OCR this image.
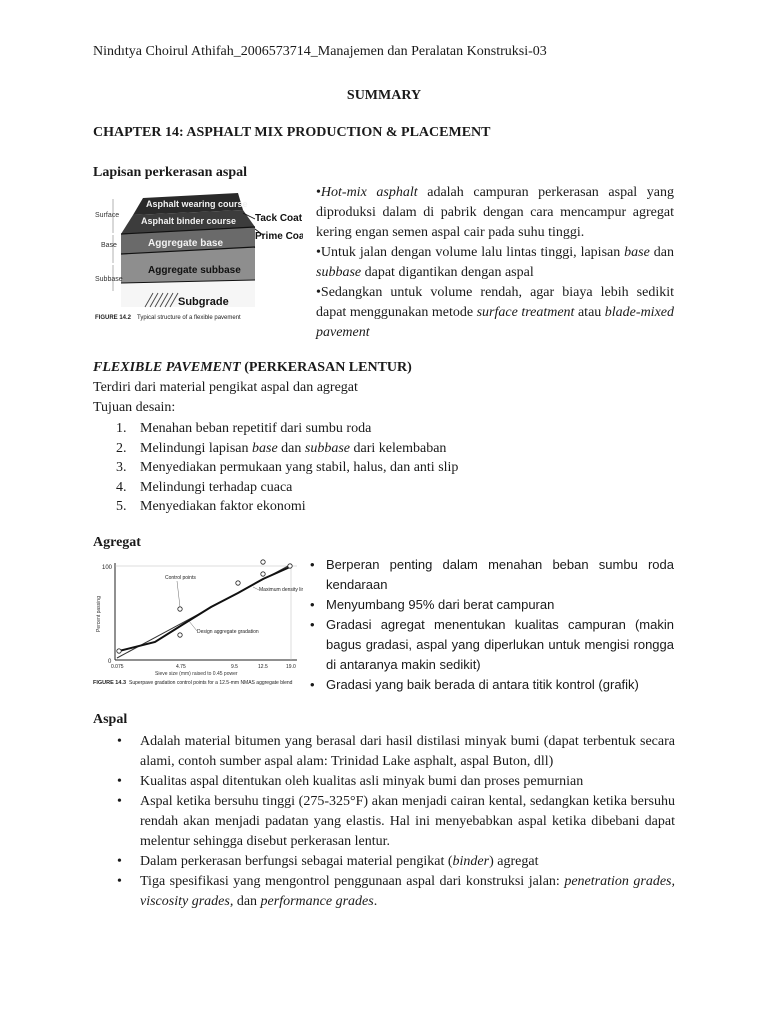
Nindıtya Choirul Athifah_2006573714_Manajemen dan Peralatan Konstruksi-03
SUMMARY
CHAPTER 14: ASPHALT MIX PRODUCTION & PLACEMENT
Lapisan perkerasan aspal
Asphalt wearing course
Asphalt binder course
Aggregate base
Aggregate subbase
Subgrade
Surface
Base
Subbase
Tack Coat
Prime Coat
FIGURE 14.2 Typical structure of a flexible pavement

•Hot-mix asphalt adalah campuran perkerasan aspal yang diproduksi dalam di pabrik dengan cara mencampur agregat kering engan semen aspal cair pada suhu tinggi.

•Untuk jalan dengan volume lalu lintas tinggi, lapisan base dan subbase dapat digantikan dengan aspal

•Sedangkan untuk volume rendah, agar biaya lebih sedikit dapat menggunakan metode surface treatment atau blade-mixed pavement

FLEXIBLE PAVEMENT (PERKERASAN LENTUR)
Terdiri dari material pengikat aspal dan agregat
Tujuan desain:
1. Menahan beban repetitif dari sumbu roda
2. Melindungi lapisan base dan subbase dari kelembaban
3. Menyediakan permukaan yang stabil, halus, dan anti slip
4. Melindungi terhadap cuaca
5. Menyediakan faktor ekonomi
Agregat
100
0
Percent passing
0.075	4.75	9.5	12.5	19.0
Sieve size (mm) raised to 0.45 power
Control points
Maximum density line
Design aggregate gradation
FIGURE 14.3 Superpave gradation control points for a 12.5-mm NMAS aggregate blend
• Berperan penting dalam menahan beban sumbu roda kendaraan
• Menyumbang 95% dari berat campuran
• Gradasi agregat menentukan kualitas campuran (makin bagus gradasi, aspal yang diperlukan untuk mengisi rongga di antaranya makin sedikit)
• Gradasi yang baik berada di antara titik kontrol (grafik)
Aspal
• Adalah material bitumen yang berasal dari hasil distilasi minyak bumi (dapat terbentuk secara alami, contoh sumber aspal alam: Trinidad Lake asphalt, aspal Buton, dll)
• Kualitas aspal ditentukan oleh kualitas asli minyak bumi dan proses pemurnian
• Aspal ketika bersuhu tinggi (275-325°F) akan menjadi cairan kental, sedangkan ketika bersuhu rendah akan menjadi padatan yang elastis. Hal ini menyebabkan aspal ketika dibebani dapat melentur sehingga disebut perkerasan lentur.
• Dalam perkerasan berfungsi sebagai material pengikat (binder) agregat
• Tiga spesifikasi yang mengontrol penggunaan aspal dari konstruksi jalan: penetration grades, viscosity grades, dan performance grades.
